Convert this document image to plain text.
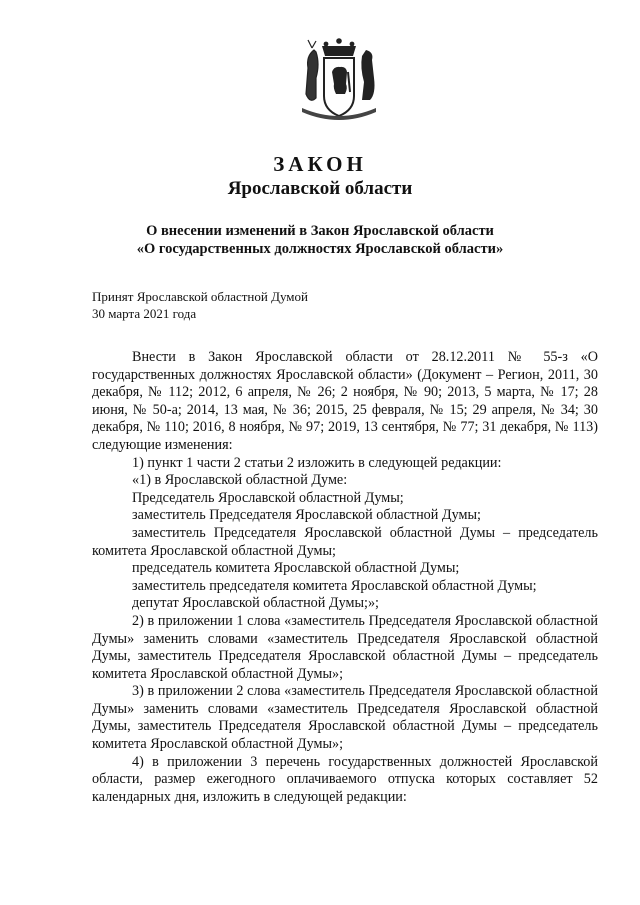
ЗАКОН
Ярославской области
О внесении изменений в Закон Ярославской области
«О государственных должностях Ярославской области»
Принят Ярославской областной Думой
30 марта 2021 года

Внести в Закон Ярославской области от 28.12.2011 № 55-з «О государственных должностях Ярославской области» (Документ – Регион, 2011, 30 декабря, № 112; 2012, 6 апреля, № 26; 2 ноября, № 90; 2013, 5 марта, № 17; 28 июня, № 50-а; 2014, 13 мая, № 36; 2015, 25 февраля, № 15; 29 апреля, № 34; 30 декабря, № 110; 2016, 8 ноября, № 97; 2019, 13 сентября, № 77; 31 декабря, № 113) следующие изменения:

1) пункт 1 части 2 статьи 2 изложить в следующей редакции:

«1) в Ярославской областной Думе:

Председатель Ярославской областной Думы;

заместитель Председателя Ярославской областной Думы;

заместитель Председателя Ярославской областной Думы – председатель комитета Ярославской областной Думы;

председатель комитета Ярославской областной Думы;

заместитель председателя комитета Ярославской областной Думы;

депутат Ярославской областной Думы;»;

2) в приложении 1 слова «заместитель Председателя Ярославской областной Думы» заменить словами «заместитель Председателя Ярославской областной Думы, заместитель Председателя Ярославской областной Думы – председатель комитета Ярославской областной Думы»;

3) в приложении 2 слова «заместитель Председателя Ярославской областной Думы» заменить словами «заместитель Председателя Ярославской областной Думы, заместитель Председателя Ярославской областной Думы – председатель комитета Ярославской областной Думы»;

4) в приложении 3 перечень государственных должностей Ярославской области, размер ежегодного оплачиваемого отпуска которых составляет 52 календарных дня, изложить в следующей редакции:
